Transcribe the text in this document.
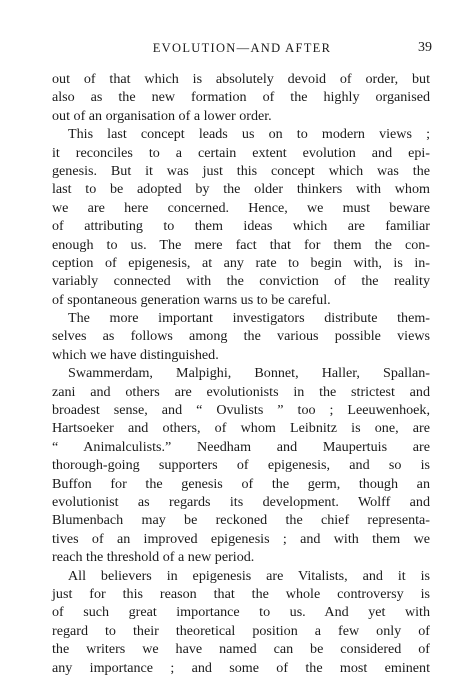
EVOLUTION—AND AFTER	39
out of that which is absolutely devoid of order, but
also as the new formation of the highly organised
out of an organisation of a lower order.
This last concept leads us on to modern views ;
it reconciles to a certain extent evolution and epi-
genesis. But it was just this concept which was the
last to be adopted by the older thinkers with whom
we are here concerned. Hence, we must beware
of attributing to them ideas which are familiar
enough to us. The mere fact that for them the con-
ception of epigenesis, at any rate to begin with, is in-
variably connected with the conviction of the reality
of spontaneous generation warns us to be careful.
The more important investigators distribute them-
selves as follows among the various possible views
which we have distinguished.
Swammerdam, Malpighi, Bonnet, Haller, Spallan-
zani and others are evolutionists in the strictest and
broadest sense, and “ Ovulists ” too ; Leeuwenhoek,
Hartsoeker and others, of whom Leibnitz is one, are
“ Animalculists.” Needham and Maupertuis are
thorough-going supporters of epigenesis, and so is
Buffon for the genesis of the germ, though an
evolutionist as regards its development. Wolff and
Blumenbach may be reckoned the chief representa-
tives of an improved epigenesis ; and with them we
reach the threshold of a new period.
All believers in epigenesis are Vitalists, and it is
just for this reason that the whole controversy is
of such great importance to us. And yet with
regard to their theoretical position a few only of
the writers we have named can be considered of
any importance ; and some of the most eminent
